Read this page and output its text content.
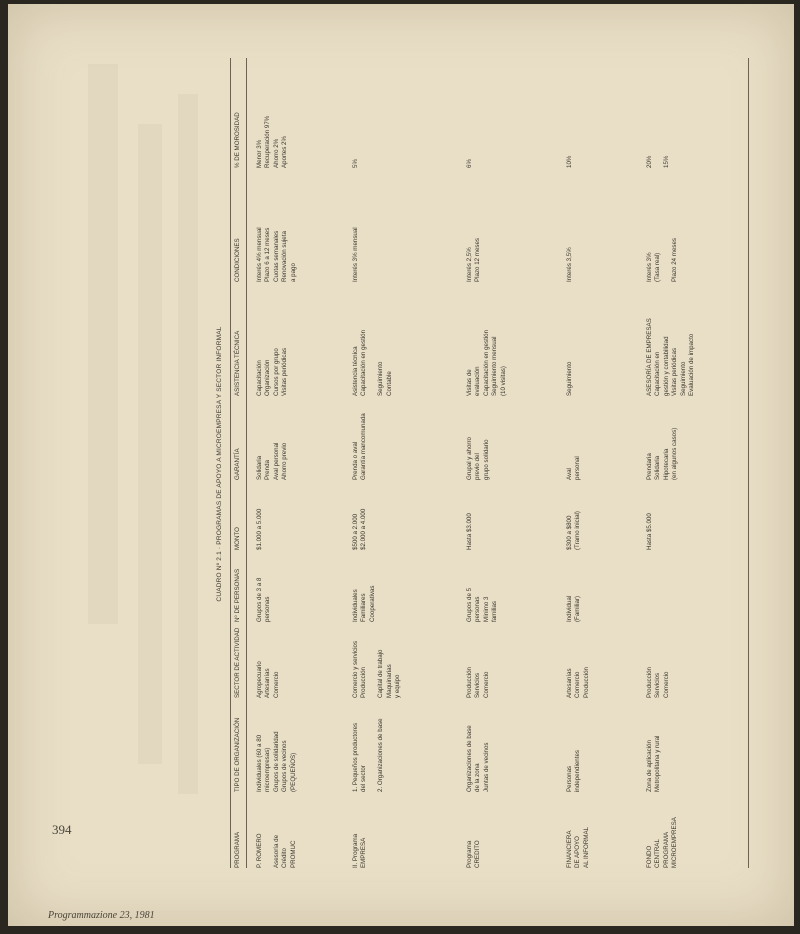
394
Programmazione 23, 1981
CUADRO Nº 2.1 · PROGRAMAS DE APOYO A MICROEMPRESA Y SECTOR INFORMAL
PROGRAMA
TIPO DE ORGANIZACIÓN
SECTOR DE ACTIVIDAD
Nº DE PERSONAS
MONTO
GARANTÍA
ASISTENCIA TÉCNICA
CONDICIONES
% DE MOROSIDAD
P. ROMERO

Asesoría de
Crédito
PROMUC
Individuales (60 a 80
microempresas)
Grupos de solidaridad
Grupos de vecinos
(PEQUEÑOS)
Agropecuario
Artesanías
Comercio
Grupos de 3 a 8
personas
$1.000 a 5.000
Solidaria
Prenda
Aval personal
Ahorro previo
Capacitación
Organización
Cursos por grupo
Visitas periódicas
Interés 4% mensual
Plazo 6 a 12 meses
Cuotas semanales
Renovación sujeta
a pago
Menor 3%
Recuperación 97%
Ahorro 2%
Aportes 2%
II. Programa
EMPRESA
1. Pequeños productores
del sector

2. Organizaciones de base
Comercio y servicios
Producción

Capital de trabajo
Maquinarias
y equipo
Individuales
Familiares
Cooperativas
$500 a 2.000
$2.000 a 4.000
Prenda o aval
Garantía mancomunada
Asistencia técnica
Capacitación en gestión

Seguimiento
Contable
Interés 3% mensual
5%
Programa
CREDITO
Organizaciones de base
de la zona
Juntas de vecinos
Producción
Servicios
Comercio
Grupos de 5
personas
Mínimo 3
familias
Hasta $3.000
Grupal y ahorro
previo del
grupo solidario
Visitas de
evaluación
Capacitación en gestión
Seguimiento mensual
(10 visitas)
Interés 2,5%
Plazo 12 meses
6%
FINANCIERA
DE APOYO
AL INFORMAL
Personas
independientes
Artesanías
Comercio
Producción
Individual
(Familiar)
$300 a $800
(Tramo inicial)
Aval
personal
Seguimiento
Interés 3,5%
10%
FONDO
CENTRAL
PROGRAMA
MICROEMPRESA
Zona de aplicación
Metropolitana y rural
Producción
Servicios
Comercio
Hasta $5.000
Prendaria
Solidaria
Hipotecaria
(en algunos casos)
ASESORÍA DE EMPRESAS
Capacitación en
gestión y contabilidad
Visitas periódicas
Seguimiento
Evaluación de impacto
Interés 3%
(Tasa real)

Plazo 24 meses
20%

15%
